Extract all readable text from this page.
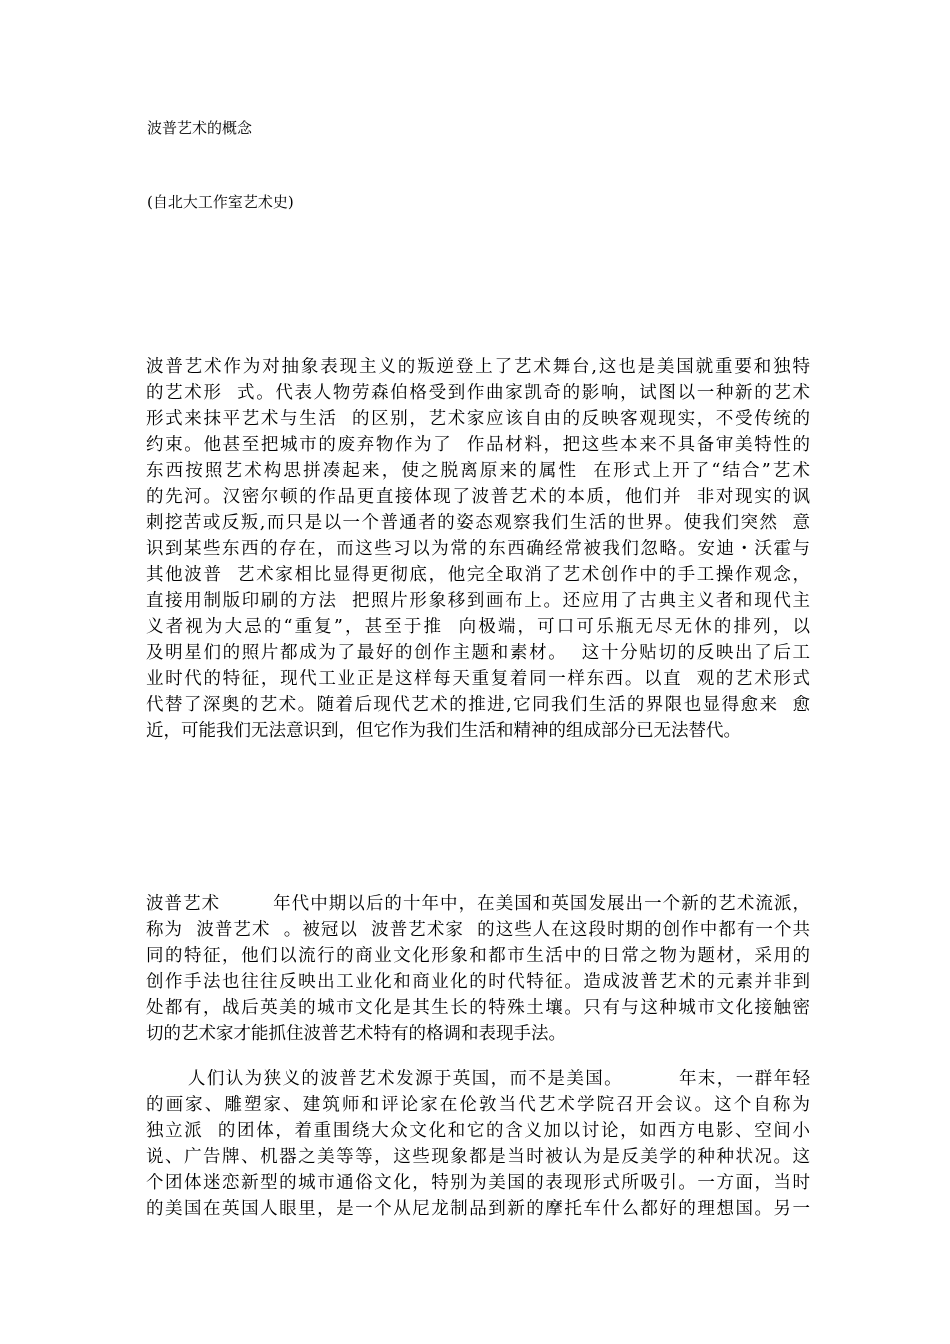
波普艺术的概念
(自北大工作室艺术史)
波普艺术作为对抽象表现主义的叛逆登上了艺术舞台,这也是美国就重要和独特
的艺术形  式。代表人物劳森伯格受到作曲家凯奇的影响，试图以一种新的艺术
形式来抹平艺术与生活  的区别，艺术家应该自由的反映客观现实，不受传统的
约束。他甚至把城市的废弃物作为了  作品材料，把这些本来不具备审美特性的
东西按照艺术构思拼凑起来，使之脱离原来的属性  在形式上开了“结合”艺术
的先河。汉密尔顿的作品更直接体现了波普艺术的本质，他们并  非对现实的讽
刺挖苦或反叛,而只是以一个普通者的姿态观察我们生活的世界。使我们突然  意
识到某些东西的存在，而这些习以为常的东西确经常被我们忽略。安迪・沃霍与
其他波普  艺术家相比显得更彻底，他完全取消了艺术创作中的手工操作观念，
直接用制版印刷的方法  把照片形象移到画布上。还应用了古典主义者和现代主
义者视为大忌的“重复”，甚至于推  向极端，可口可乐瓶无尽无休的排列，以
及明星们的照片都成为了最好的创作主题和素材。  这十分贴切的反映出了后工
业时代的特征，现代工业正是这样每天重复着同一样东西。以直  观的艺术形式
代替了深奥的艺术。随着后现代艺术的推进,它同我们生活的界限也显得愈来  愈
近，可能我们无法意识到，但它作为我们生活和精神的组成部分已无法替代。
波普艺术        年代中期以后的十年中，在美国和英国发展出一个新的艺术流派，
称为  波普艺术  。被冠以  波普艺术家  的这些人在这段时期的创作中都有一个共
同的特征，他们以流行的商业文化形象和都市生活中的日常之物为题材，采用的
创作手法也往往反映出工业化和商业化的时代特征。造成波普艺术的元素并非到
处都有，战后英美的城市文化是其生长的特殊土壤。只有与这种城市文化接触密
切的艺术家才能抓住波普艺术特有的格调和表现手法。
人们认为狭义的波普艺术发源于英国，而不是美国。        年末，一群年轻
的画家、雕塑家、建筑师和评论家在伦敦当代艺术学院召开会议。这个自称为
独立派  的团体，着重围绕大众文化和它的含义加以讨论，如西方电影、空间小
说、广告牌、机器之美等等，这些现象都是当时被认为是反美学的种种状况。这
个团体迷恋新型的城市通俗文化，特别为美国的表现形式所吸引。一方面，当时
的美国在英国人眼里，是一个从尼龙制品到新的摩托车什么都好的理想国。另一
